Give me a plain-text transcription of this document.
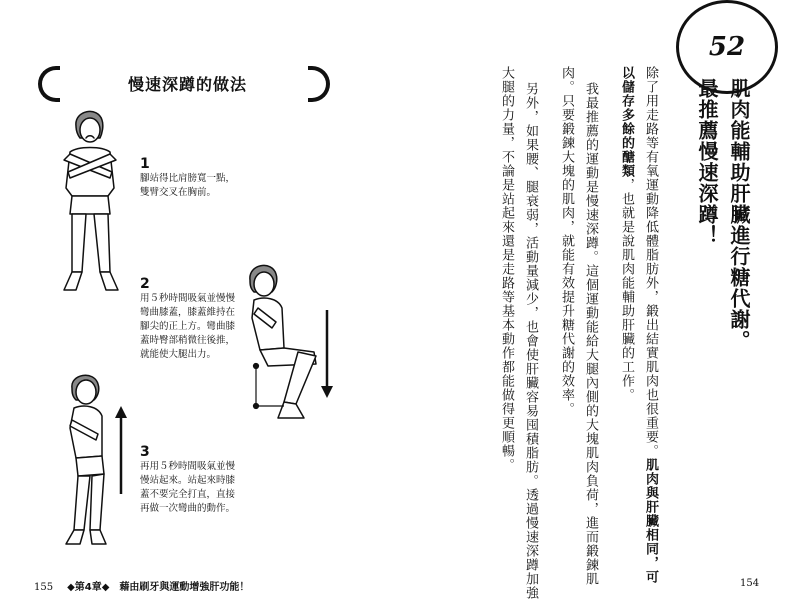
慢速深蹲的做法
1
腳站得比肩膀寬一點，
雙臂交叉在胸前。
2
用５秒時間吸氣並慢慢
彎曲膝蓋，膝蓋維持在
腳尖的正上方。彎曲膝
蓋時臀部稍微往後推，
就能使大腿出力。
3
再用５秒時間吸氣並慢
慢站起來。站起來時膝
蓋不要完全打直，直接
再做一次彎曲的動作。
52
肌肉能輔助肝臟進行糖代謝。
最推薦慢速深蹲！
除了用走路等有氧運動降低體脂肪外，鍛出結實肌肉也很重要。肌肉與肝臟相同，可
以儲存多餘的醣類，也就是說肌肉能輔助肝臟的工作。
我最推薦的運動是慢速深蹲。這個運動能給大腿內側的大塊肌肉負荷，進而鍛鍊肌
肉。只要鍛鍊大塊的肌肉，就能有效提升糖代謝的效率。
另外，如果腰、腿衰弱，活動量減少，也會使肝臟容易囤積脂肪。透過慢速深蹲加強
大腿的力量，不論是站起來還是走路等基本動作都能做得更順暢。
155 ◆第4章◆ 藉由刷牙與運動增強肝功能！	154
